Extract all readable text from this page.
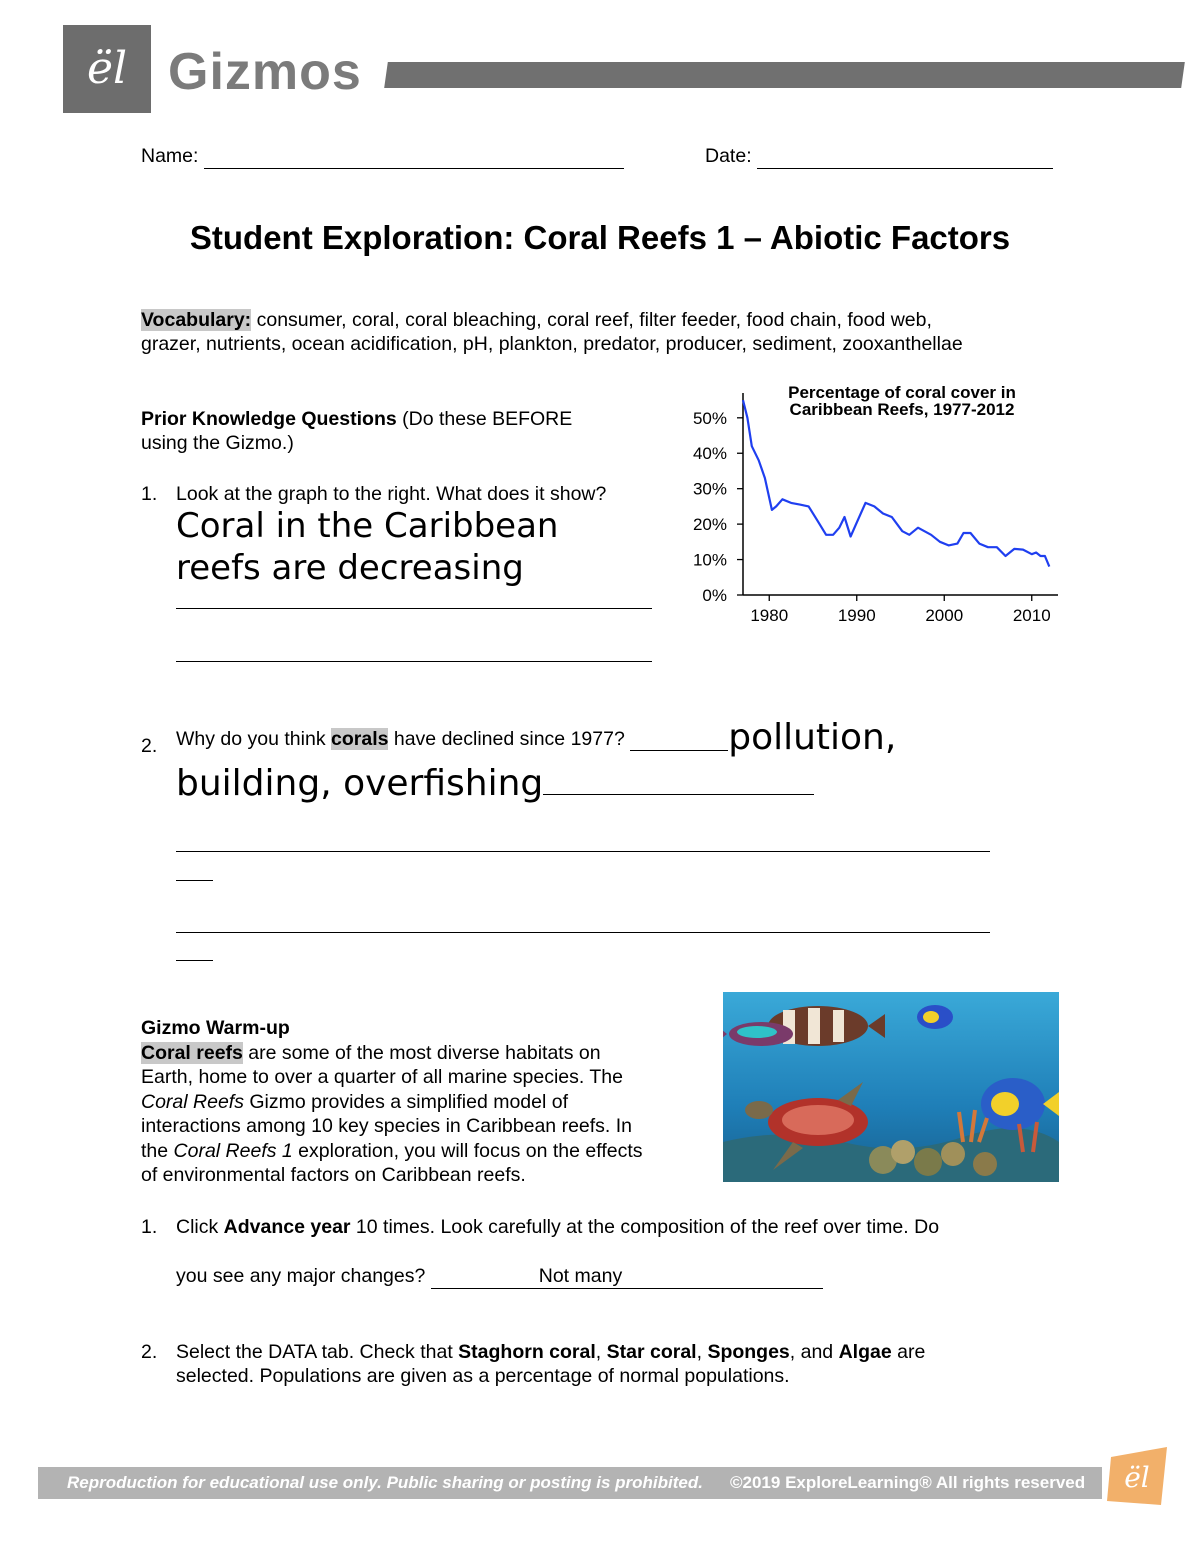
ël Gizmos
Name:	Date:
Student Exploration: Coral Reefs 1 – Abiotic Factors
Vocabulary: consumer, coral, coral bleaching, coral reef, filter feeder, food chain, food web,
grazer, nutrients, ocean acidification, pH, plankton, predator, producer, sediment, zooxanthellae
Prior Knowledge Questions (Do these BEFORE
using the Gizmo.)
1. Look at the graph to the right. What does it show?
Coral in the Caribbean
reefs are decreasing
Percentage of coral cover in
Caribbean Reefs, 1977-2012
0%
10%
20%
30%
40%
50%
1980	1990	2000	2010
2. Why do you think corals have declined since 1977?	pollution,
building, overfishing
Gizmo Warm-up
Coral reefs are some of the most diverse habitats on
Earth, home to over a quarter of all marine species. The
Coral Reefs Gizmo provides a simplified model of
interactions among 10 key species in Caribbean reefs. In
the Coral Reefs 1 exploration, you will focus on the effects
of environmental factors on Caribbean reefs.
1. Click Advance year 10 times. Look carefully at the composition of the reef over time. Do
you see any major changes?	Not many
2. Select the DATA tab. Check that Staghorn coral, Star coral, Sponges, and Algae are
selected. Populations are given as a percentage of normal populations.
Reproduction for educational use only. Public sharing or posting is prohibited. ©2019 ExploreLearning® All rights reserved ël
